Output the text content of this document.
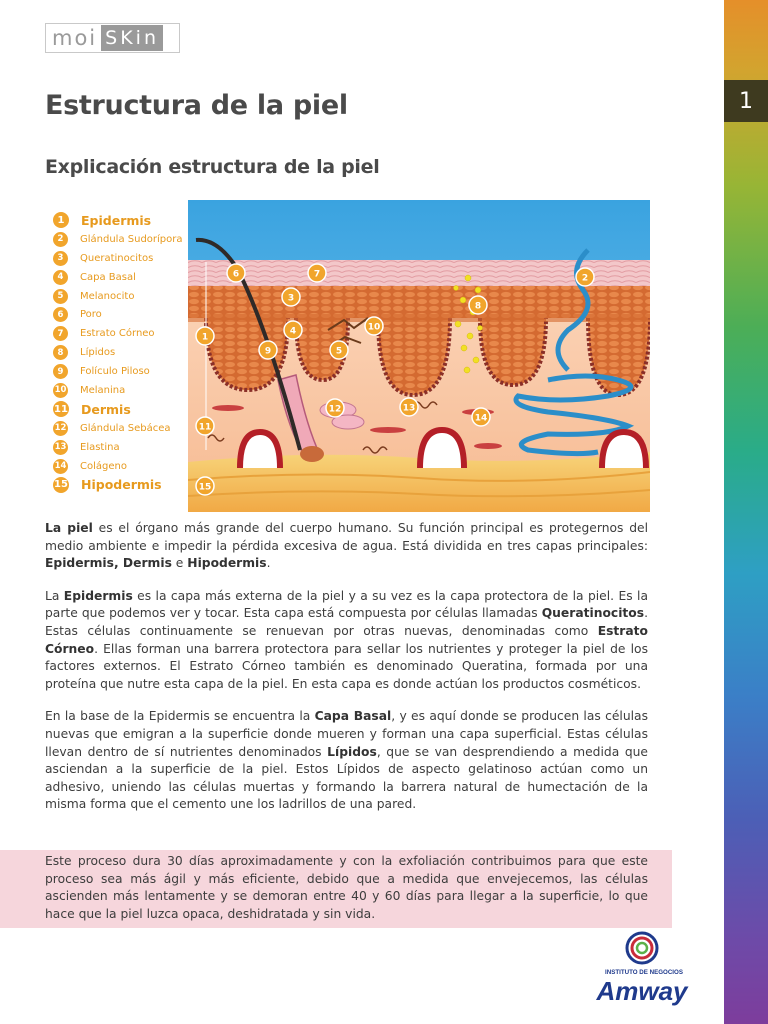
moi SKin
1
Estructura de la piel
Explicación estructura de la piel
1	Epidermis
2	Glándula Sudorípora
3	Queratinocitos
4	Capa Basal
5	Melanocito
6	Poro
7	Estrato Córneo
8	Lípidos
9	Folículo Piloso
10 Melanina
11 Dermis
12 Glándula Sebácea
13 Elastina
14 Colágeno
15 Hipodermis
1
2
3
4
5
6	7
8
9
10
11
12	13
14
15

La piel es el órgano más grande del cuerpo humano. Su función principal es protegernos del medio ambiente e impedir la pérdida excesiva de agua. Está dividida en tres capas principales: Epidermis, Dermis e Hipodermis.

La Epidermis es la capa más externa de la piel y a su vez es la capa protectora de la piel. Es la parte que podemos ver y tocar. Esta capa está compuesta por células llamadas Queratinocitos. Estas células continuamente se renuevan por otras nuevas, denominadas como Estrato Córneo. Ellas forman una barrera protectora para sellar los nutrientes y proteger la piel de los factores externos. El Estrato Córneo también es denominado Queratina, formada por una proteína que nutre esta capa de la piel. En esta capa es donde actúan los productos cosméticos.

En la base de la Epidermis se encuentra la Capa Basal, y es aquí donde se producen las células nuevas que emigran a la superficie donde mueren y forman una capa superficial. Estas células llevan dentro de sí nutrientes denominados Lípidos, que se van desprendiendo a medida que asciendan a la superficie de la piel. Estos Lípidos de aspecto gelatinoso actúan como un adhesivo, uniendo las células muertas y formando la barrera natural de humectación de la misma forma que el cemento une los ladrillos de una pared.

Este proceso dura 30 días aproximadamente y con la exfoliación contribuimos para que este proceso sea más ágil y más eficiente, debido que a medida que envejecemos, las células ascienden más lentamente y se demoran entre 40 y 60 días para llegar a la superficie, lo que hace que la piel luzca opaca, deshidratada y sin vida.

INSTITUTO DE NEGOCIOS
Amway
